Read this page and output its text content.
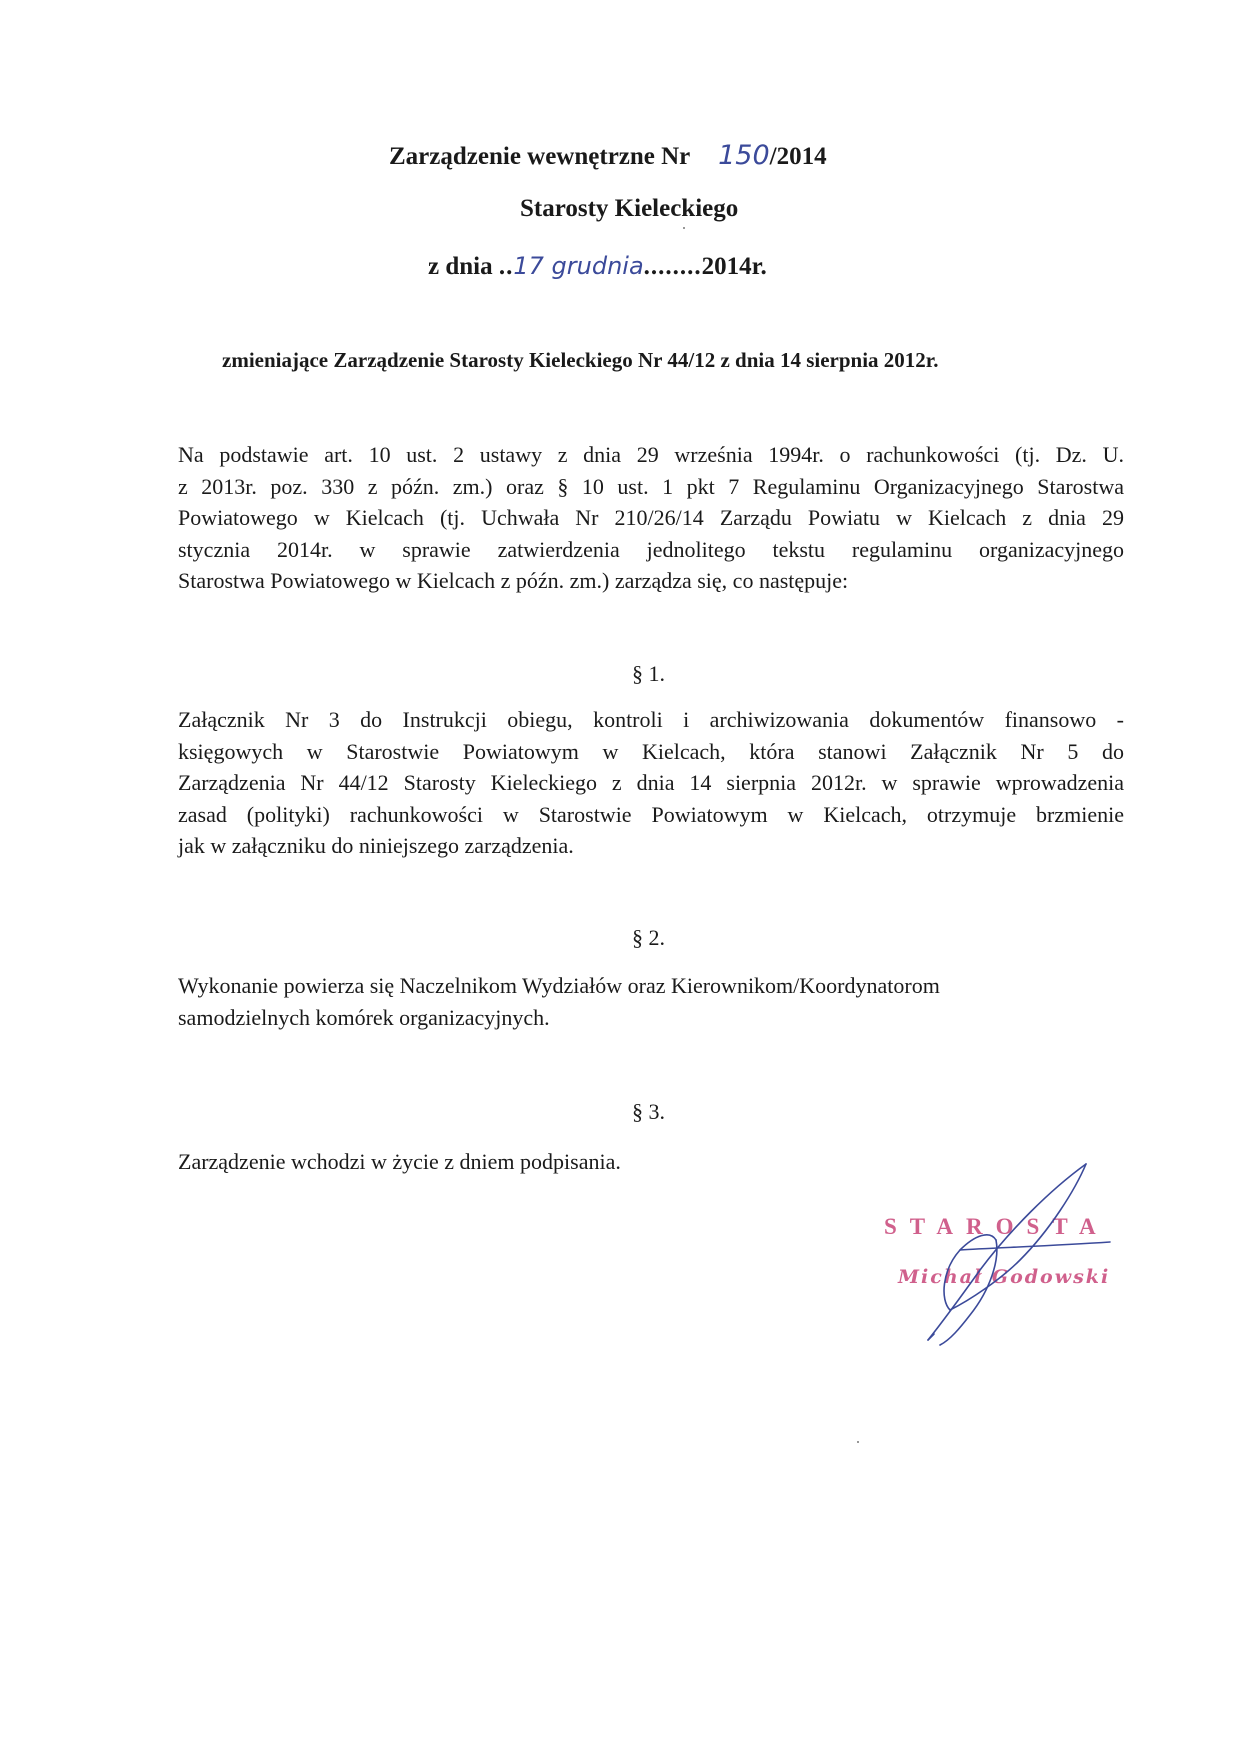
Zarządzenie wewnętrzne Nr 150/2014
Starosty Kieleckiego
z dnia ..17 grudnia........2014r.
zmieniające Zarządzenie Starosty Kieleckiego Nr 44/12 z dnia 14 sierpnia 2012r.
Na podstawie art. 10 ust. 2 ustawy z dnia 29 września 1994r. o rachunkowości (tj. Dz. U.
z 2013r. poz. 330 z późn. zm.) oraz § 10 ust. 1 pkt 7 Regulaminu Organizacyjnego Starostwa
Powiatowego w Kielcach (tj. Uchwała Nr 210/26/14 Zarządu Powiatu w Kielcach z dnia 29
stycznia 2014r. w sprawie zatwierdzenia jednolitego tekstu regulaminu organizacyjnego
Starostwa Powiatowego w Kielcach z późn. zm.) zarządza się, co następuje:
§ 1.
Załącznik Nr 3 do Instrukcji obiegu, kontroli i archiwizowania dokumentów finansowo -
księgowych w Starostwie Powiatowym w Kielcach, która stanowi Załącznik Nr 5 do
Zarządzenia Nr 44/12 Starosty Kieleckiego z dnia 14 sierpnia 2012r. w sprawie wprowadzenia
zasad (polityki) rachunkowości w Starostwie Powiatowym w Kielcach, otrzymuje brzmienie
jak w załączniku do niniejszego zarządzenia.
§ 2.
Wykonanie powierza się Naczelnikom Wydziałów oraz Kierownikom/Koordynatorom
samodzielnych komórek organizacyjnych.
§ 3.
Zarządzenie wchodzi w życie z dniem podpisania.
STAROSTA
Michał Godowski
